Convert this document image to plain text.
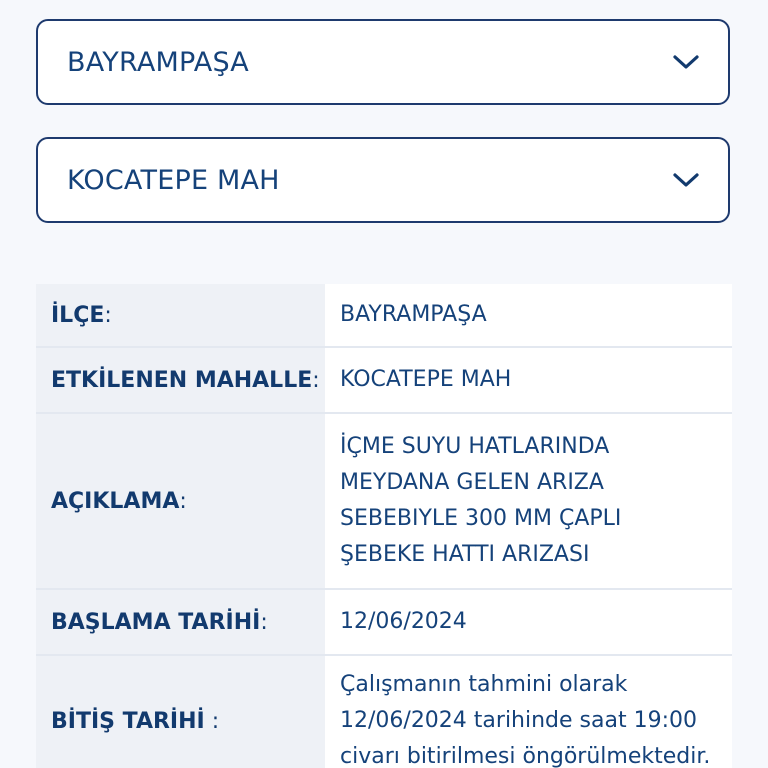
BAYRAMPAŞA
KOCATEPE MAH
İLÇE :	BAYRAMPAŞA
ETKİLENEN MAHALLE : KOCATEPE MAH
AÇIKLAMA :
İÇME SUYU HATLARINDA MEYDANA GELEN ARIZA SEBEBIYLE 300 MM ÇAPLI ŞEBEKE HATTI ARIZASI
BAŞLAMA TARİHİ :	12/06/2024
BİTİŞ TARİHİ :
Çalışmanın tahmini olarak 12/06/2024 tarihinde saat 19:00 civarı bitirilmesi öngörülmektedir.
